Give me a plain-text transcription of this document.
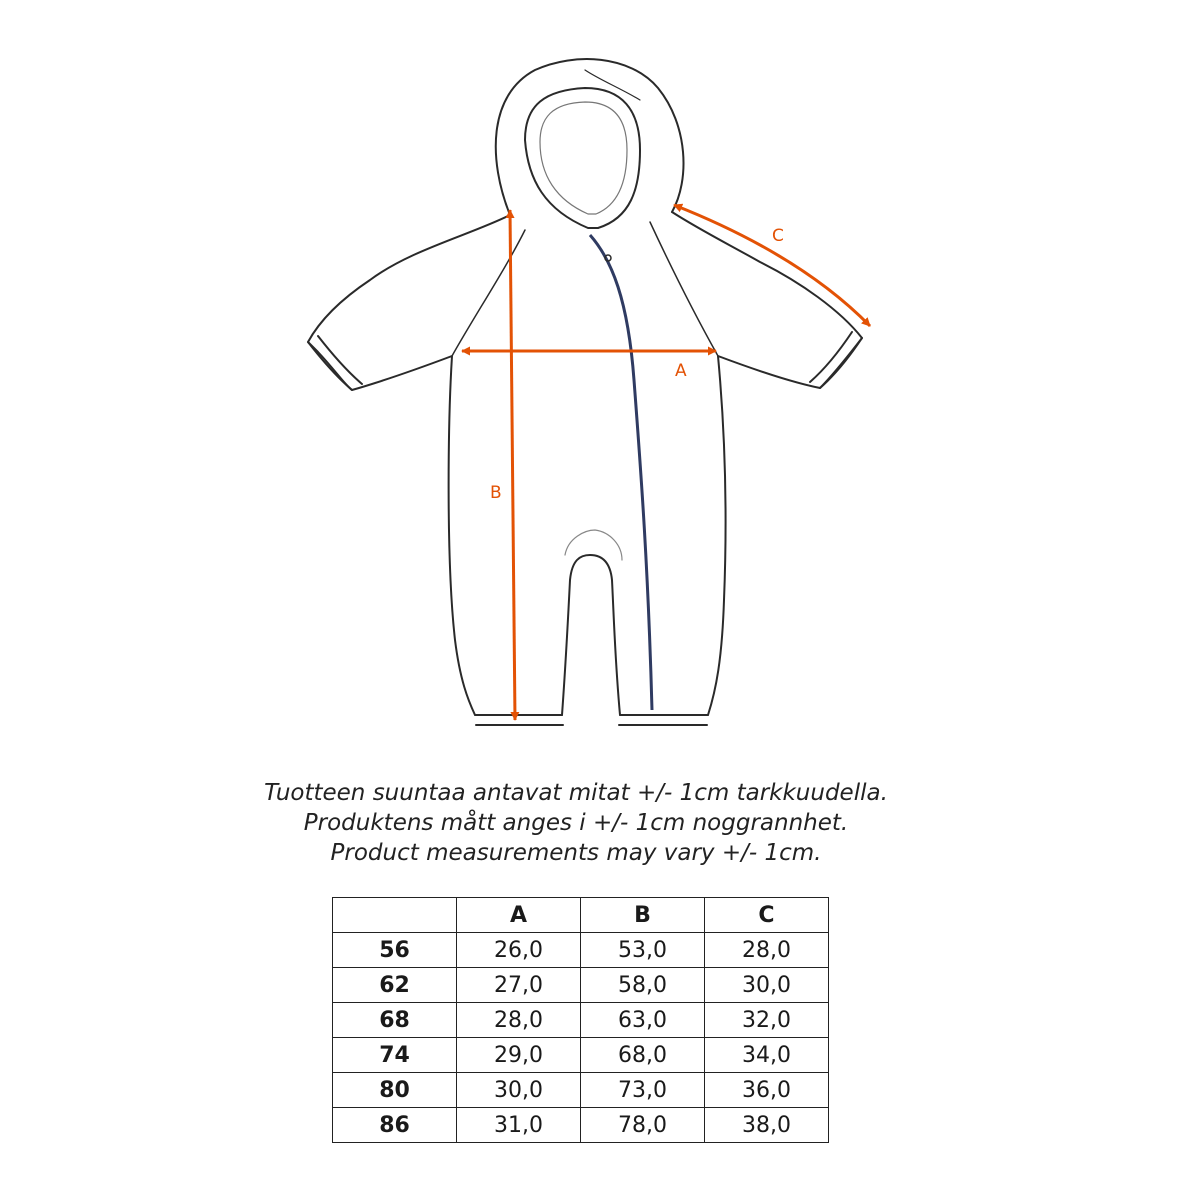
A
B
C
Tuotteen suuntaa antavat mitat +/- 1cm tarkkuudella.
Produktens mått anges i +/- 1cm noggrannhet.
Product measurements may vary +/- 1cm.
	A	B	C
56	26,0	53,0	28,0
62	27,0	58,0	30,0
68	28,0	63,0	32,0
74	29,0	68,0	34,0
80	30,0	73,0	36,0
86	31,0	78,0	38,0
